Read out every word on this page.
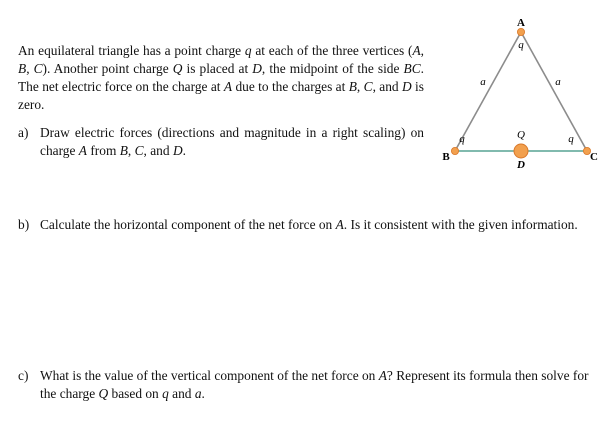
An equilateral triangle has a point charge q at each of the three vertices (A, B, C). Another point charge Q is placed at D, the midpoint of the side BC. The net electric force on the charge at A due to the charges at B, C, and D is zero.
a) Draw electric forces (directions and magnitude in a right scaling) on charge A from B, C, and D.
b) Calculate the horizontal component of the net force on A. Is it consistent with the given information.
c) What is the value of the vertical component of the net force on A? Represent its formula then solve for the charge Q based on q and a.
A
q
a	a
q	Q	q
B	C
D
